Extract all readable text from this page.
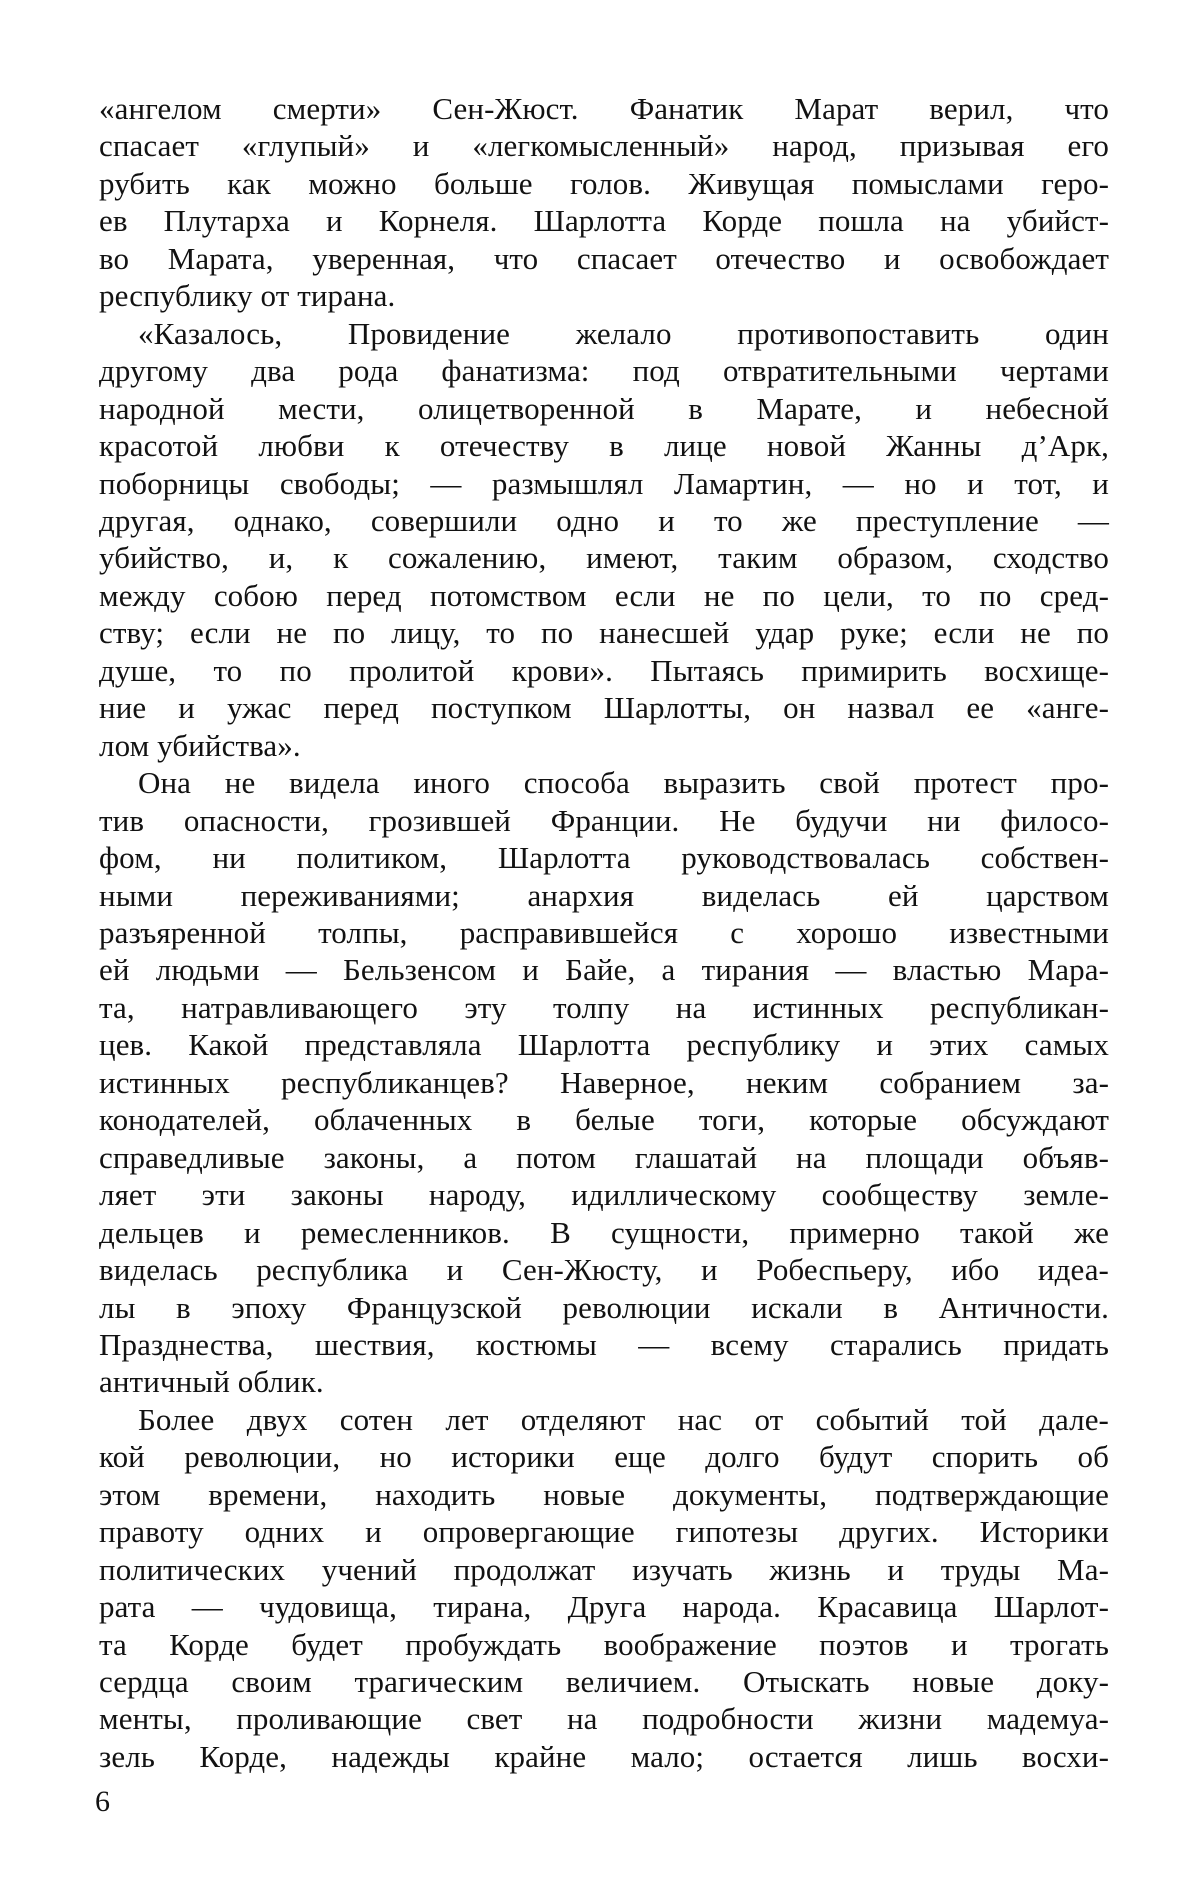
«ангелом смерти» Сен-Жюст. Фанатик Марат верил, что
спасает «глупый» и «легкомысленный» народ, призывая его
рубить как можно больше голов. Живущая помыслами геро-
ев Плутарха и Корнеля. Шарлотта Корде пошла на убийст-
во Марата, уверенная, что спасает отечество и освобождает
республику от тирана.
«Казалось, Провидение желало противопоставить один
другому два рода фанатизма: под отвратительными чертами
народной мести, олицетворенной в Марате, и небесной
красотой любви к отечеству в лице новой Жанны д’Арк,
поборницы свободы; — размышлял Ламартин, — но и тот, и
другая, однако, совершили одно и то же преступление —
убийство, и, к сожалению, имеют, таким образом, сходство
между собою перед потомством если не по цели, то по сред-
ству; если не по лицу, то по нанесшей удар руке; если не по
душе, то по пролитой крови». Пытаясь примирить восхище-
ние и ужас перед поступком Шарлотты, он назвал ее «анге-
лом убийства».
Она не видела иного способа выразить свой протест про-
тив опасности, грозившей Франции. Не будучи ни филосо-
фом, ни политиком, Шарлотта руководствовалась собствен-
ными переживаниями; анархия виделась ей царством
разъяренной толпы, расправившейся с хорошо известными
ей людьми — Бельзенсом и Байе, а тирания — властью Мара-
та, натравливающего эту толпу на истинных республикан-
цев. Какой представляла Шарлотта республику и этих самых
истинных республиканцев? Наверное, неким собранием за-
конодателей, облаченных в белые тоги, которые обсуждают
справедливые законы, а потом глашатай на площади объяв-
ляет эти законы народу, идиллическому сообществу земле-
дельцев и ремесленников. В сущности, примерно такой же
виделась республика и Сен-Жюсту, и Робеспьеру, ибо идеа-
лы в эпоху Французской революции искали в Античности.
Празднества, шествия, костюмы — всему старались придать
античный облик.
Более двух сотен лет отделяют нас от событий той дале-
кой революции, но историки еще долго будут спорить об
этом времени, находить новые документы, подтверждающие
правоту одних и опровергающие гипотезы других. Историки
политических учений продолжат изучать жизнь и труды Ма-
рата — чудовища, тирана, Друга народа. Красавица Шарлот-
та Корде будет пробуждать воображение поэтов и трогать
сердца своим трагическим величием. Отыскать новые доку-
менты, проливающие свет на подробности жизни мадемуа-
зель Корде, надежды крайне мало; остается лишь восхи-
6
